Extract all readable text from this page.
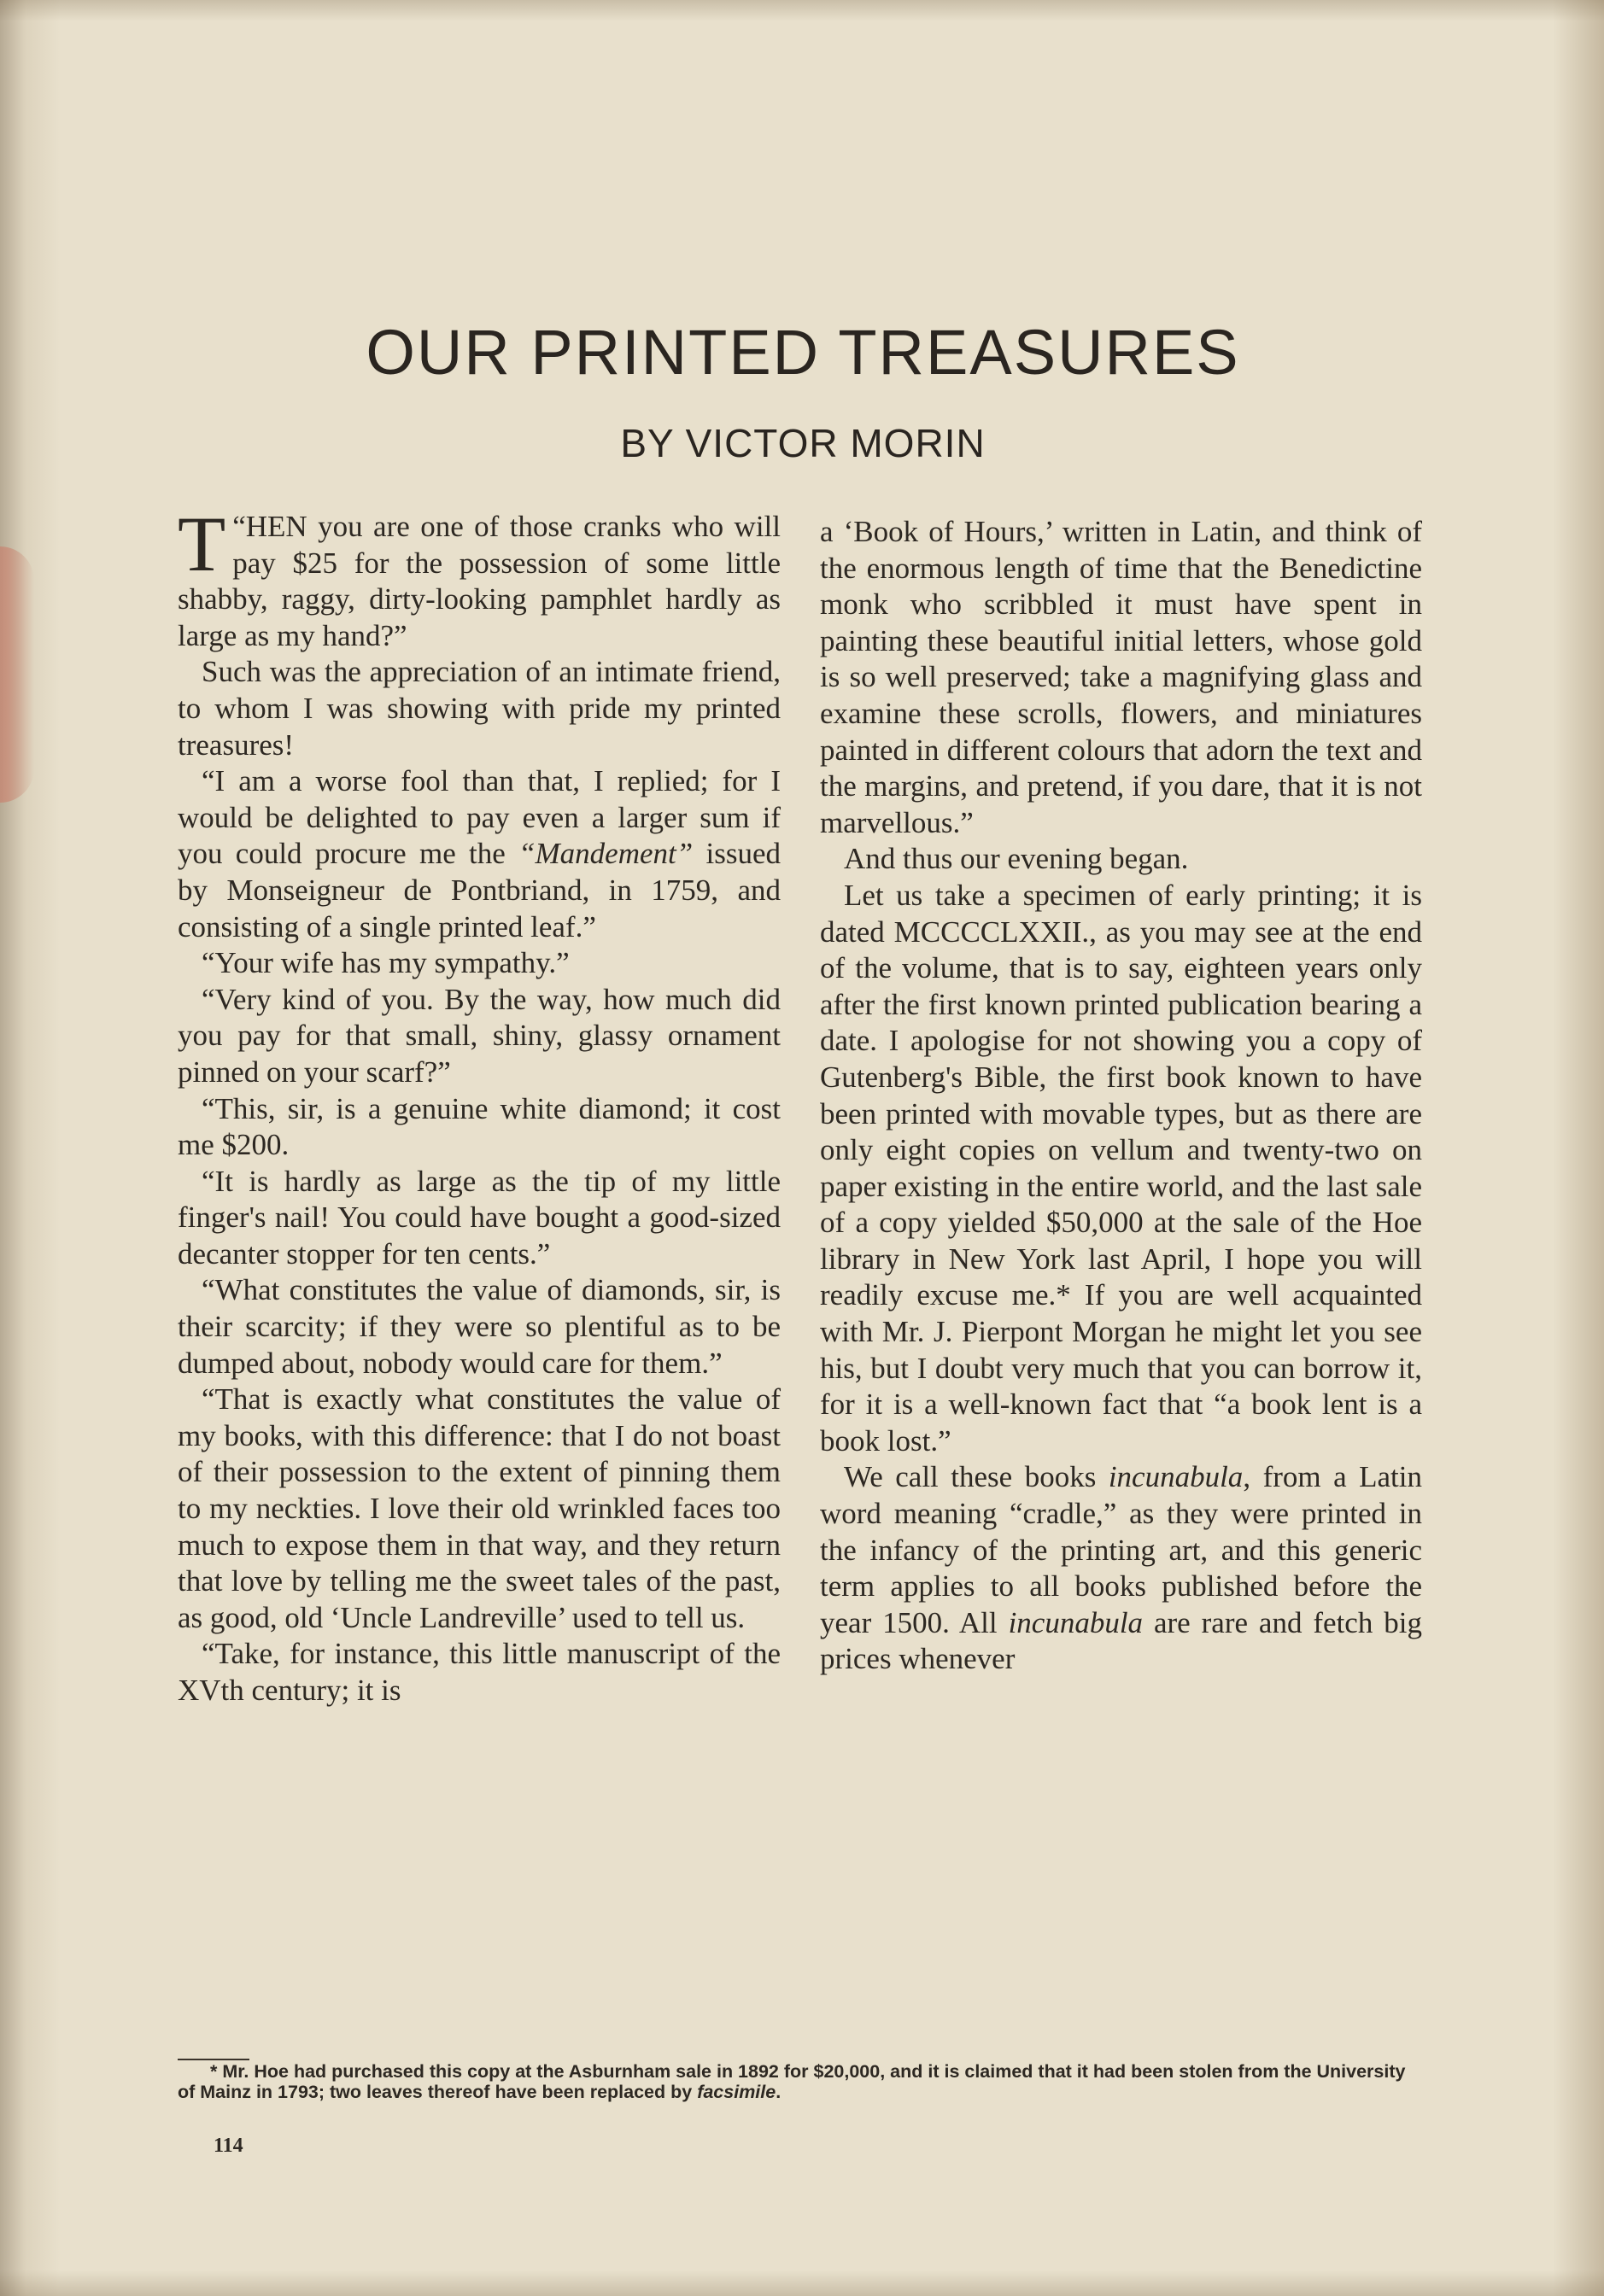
OUR PRINTED TREASURES
BY VICTOR MORIN

“
T HEN you are one of those cranks who will pay $25 for the possession of some little shabby, raggy, dirty-looking pamphlet hardly as large as my hand?”

Such was the appreciation of an intimate friend, to whom I was showing with pride my printed treasures!

“I am a worse fool than that, I replied; for I would be delighted to pay even a larger sum if you could procure me the “Mandement” issued by Monseigneur de Pontbriand, in 1759, and consisting of a single printed leaf.”

“Your wife has my sympathy.”

“Very kind of you. By the way, how much did you pay for that small, shiny, glassy ornament pinned on your scarf?”

“This, sir, is a genuine white diamond; it cost me $200.

“It is hardly as large as the tip of my little finger's nail! You could have bought a good-sized decanter stopper for ten cents.”

“What constitutes the value of diamonds, sir, is their scarcity; if they were so plentiful as to be dumped about, nobody would care for them.”

“That is exactly what constitutes the value of my books, with this difference: that I do not boast of their possession to the extent of pinning them to my neckties. I love their old wrinkled faces too much to expose them in that way, and they return that love by telling me the sweet tales of the past, as good, old ‘Uncle Landreville’ used to tell us.

“Take, for instance, this little manuscript of the XVth century; it is

a ‘Book of Hours,’ written in Latin, and think of the enormous length of time that the Benedictine monk who scribbled it must have spent in painting these beautiful initial letters, whose gold is so well preserved; take a magnifying glass and examine these scrolls, flowers, and miniatures painted in different colours that adorn the text and the margins, and pretend, if you dare, that it is not marvellous.”

And thus our evening began.

Let us take a specimen of early printing; it is dated MCCCCLXXII., as you may see at the end of the volume, that is to say, eighteen years only after the first known printed publication bearing a date. I apologise for not showing you a copy of Gutenberg's Bible, the first book known to have been printed with movable types, but as there are only eight copies on vellum and twenty-two on paper existing in the entire world, and the last sale of a copy yielded $50,000 at the sale of the Hoe library in New York last April, I hope you will readily excuse me.* If you are well acquainted with Mr. J. Pierpont Morgan he might let you see his, but I doubt very much that you can borrow it, for it is a well-known fact that “a book lent is a book lost.”

We call these books incunabula, from a Latin word meaning “cradle,” as they were printed in the infancy of the printing art, and this generic term applies to all books published before the year 1500. All incunabula are rare and fetch big prices whenever

* Mr. Hoe had purchased this copy at the Asburnham sale in 1892 for $20,000, and it is claimed that it had been stolen from the University of Mainz in 1793; two leaves thereof have been replaced by facsimile.
114
